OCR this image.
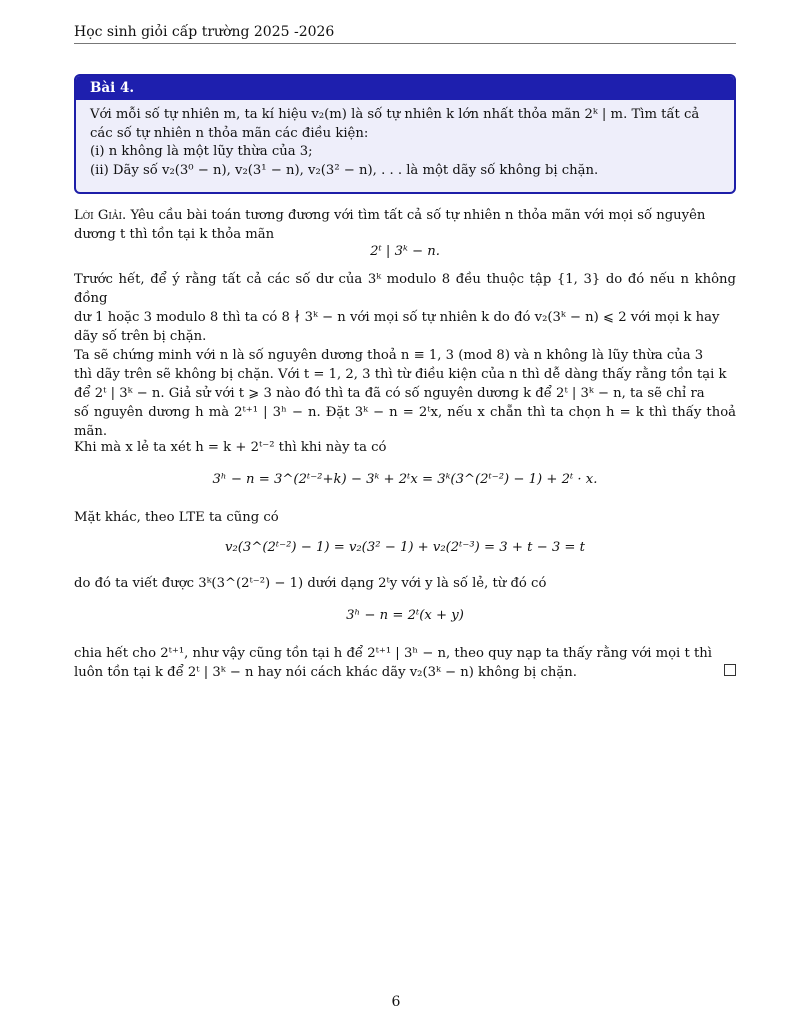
Học sinh giỏi cấp trường 2025 -2026
Bài 4.

Với mỗi số tự nhiên m, ta kí hiệu v₂(m) là số tự nhiên k lớn nhất thỏa mãn 2ᵏ | m. Tìm tất cả

các số tự nhiên n thỏa mãn các điều kiện:

(i) n không là một lũy thừa của 3;

(ii) Dãy số v₂(3⁰ − n), v₂(3¹ − n), v₂(3² − n), . . . là một dãy số không bị chặn.

Lời Giải. Yêu cầu bài toán tương đương với tìm tất cả số tự nhiên n thỏa mãn với mọi số nguyên

dương t thì tồn tại k thỏa mãn

2ᵗ | 3ᵏ − n.

Trước hết, để ý rằng tất cả các số dư của 3ᵏ modulo 8 đều thuộc tập {1, 3} do đó nếu n không đồng

dư 1 hoặc 3 modulo 8 thì ta có 8 ∤ 3ᵏ − n với mọi số tự nhiên k do đó v₂(3ᵏ − n) ⩽ 2 với mọi k hay

dãy số trên bị chặn.

Ta sẽ chứng minh với n là số nguyên dương thoả n ≡ 1, 3 (mod 8) và n không là lũy thừa của 3

thì dãy trên sẽ không bị chặn. Với t = 1, 2, 3 thì từ điều kiện của n thì dễ dàng thấy rằng tồn tại k

để 2ᵗ | 3ᵏ − n. Giả sử với t ⩾ 3 nào đó thì ta đã có số nguyên dương k để 2ᵗ | 3ᵏ − n, ta sẽ chỉ ra

số nguyên dương h mà 2ᵗ⁺¹ | 3ʰ − n. Đặt 3ᵏ − n = 2ᵗx, nếu x chẵn thì ta chọn h = k thì thấy thoả mãn.

Khi mà x lẻ ta xét h = k + 2ᵗ⁻² thì khi này ta có

3ʰ − n = 3^(2ᵗ⁻²+k) − 3ᵏ + 2ᵗx = 3ᵏ(3^(2ᵗ⁻²) − 1) + 2ᵗ · x.

Mặt khác, theo LTE ta cũng có

v₂(3^(2ᵗ⁻²) − 1) = v₂(3² − 1) + v₂(2ᵗ⁻³) = 3 + t − 3 = t

do đó ta viết được 3ᵏ(3^(2ᵗ⁻²) − 1) dưới dạng 2ᵗy với y là số lẻ, từ đó có

3ʰ − n = 2ᵗ(x + y)

chia hết cho 2ᵗ⁺¹, như vậy cũng tồn tại h để 2ᵗ⁺¹ | 3ʰ − n, theo quy nạp ta thấy rằng với mọi t thì

luôn tồn tại k để 2ᵗ | 3ᵏ − n hay nói cách khác dãy v₂(3ᵏ − n) không bị chặn.

6
